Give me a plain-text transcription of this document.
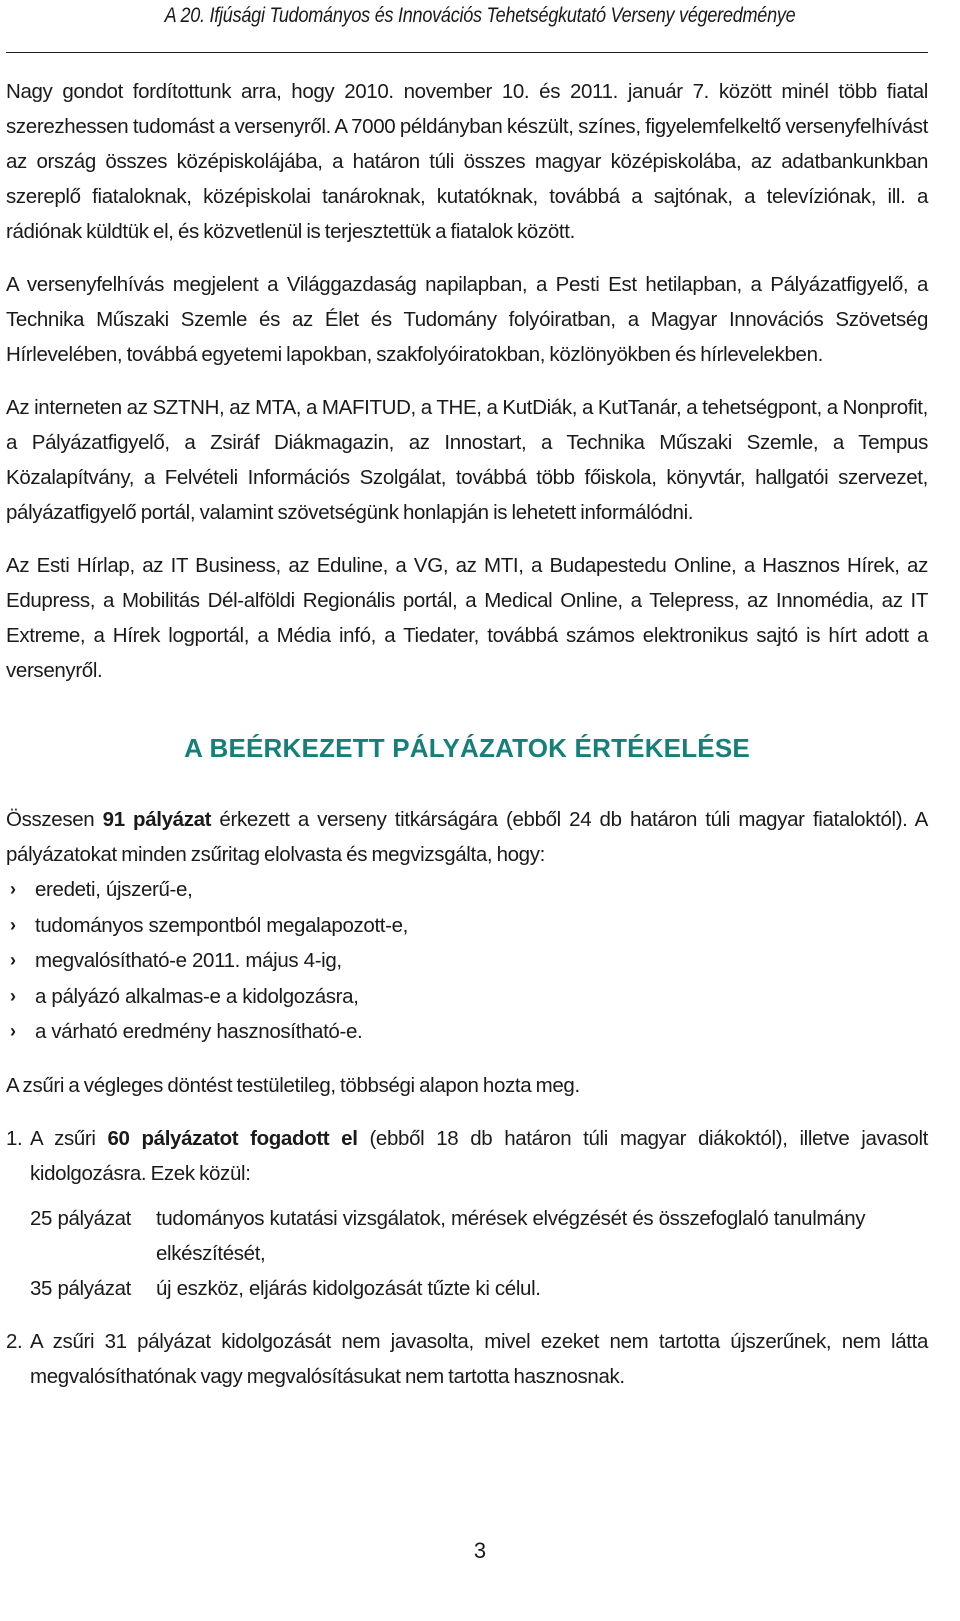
A 20. Ifjúsági Tudományos és Innovációs Tehetségkutató Verseny végeredménye

Nagy gondot fordítottunk arra, hogy 2010. november 10. és 2011. január 7. között minél több fiatal szerezhessen tudomást a versenyről. A 7000 példányban készült, színes, figyelemfelkeltő versenyfelhívást az ország összes középiskolájába, a határon túli összes magyar középiskolába, az adatbankunkban szereplő fiataloknak, középiskolai tanároknak, kutatóknak, továbbá a sajtónak, a televíziónak, ill. a rádiónak küldtük el, és közvetlenül is terjesztettük a fiatalok között.

A versenyfelhívás megjelent a Világgazdaság napilapban, a Pesti Est hetilapban, a Pályázatfigyelő, a Technika Műszaki Szemle és az Élet és Tudomány folyóiratban, a Magyar Innovációs Szövetség Hírlevelében, továbbá egyetemi lapokban, szakfolyóiratokban, közlönyökben és hírlevelekben.

Az interneten az SZTNH, az MTA, a MAFITUD, a THE, a KutDiák, a KutTanár, a tehetségpont, a Nonprofit, a Pályázatfigyelő, a Zsiráf Diákmagazin, az Innostart, a Technika Műszaki Szemle, a Tempus Közalapítvány, a Felvételi Információs Szolgálat, továbbá több főiskola, könyvtár, hallgatói szervezet, pályázatfigyelő portál, valamint szövetségünk honlapján is lehetett informálódni.

Az Esti Hírlap, az IT Business, az Eduline, a VG, az MTI, a Budapestedu Online, a Hasznos Hírek, az Edupress, a Mobilitás Dél-alföldi Regionális portál, a Medical Online, a Telepress, az Innomédia, az IT Extreme, a Hírek logportál, a Média infó, a Tiedater, továbbá számos elektronikus sajtó is hírt adott a versenyről.

A BEÉRKEZETT PÁLYÁZATOK ÉRTÉKELÉSE

Összesen 91 pályázat érkezett a verseny titkárságára (ebből 24 db határon túli magyar fiataloktól). A pályázatokat minden zsűritag elolvasta és megvizsgálta, hogy:

› eredeti, újszerű-e,
› tudományos szempontból megalapozott-e,
› megvalósítható-e 2011. május 4-ig,
› a pályázó alkalmas-e a kidolgozásra,
› a várható eredmény hasznosítható-e.

A zsűri a végleges döntést testületileg, többségi alapon hozta meg.

1. A zsűri 60 pályázatot fogadott el (ebből 18 db határon túli magyar diákoktól), illetve javasolt kidolgozásra. Ezek közül:
25 pályázat	tudományos kutatási vizsgálatok, mérések elvégzését és összefoglaló tanulmány elkészítését,
35 pályázat	új eszköz, eljárás kidolgozását tűzte ki célul.
2. A zsűri 31 pályázat kidolgozását nem javasolta, mivel ezeket nem tartotta újszerűnek, nem látta megvalósíthatónak vagy megvalósításukat nem tartotta hasznosnak.
3
